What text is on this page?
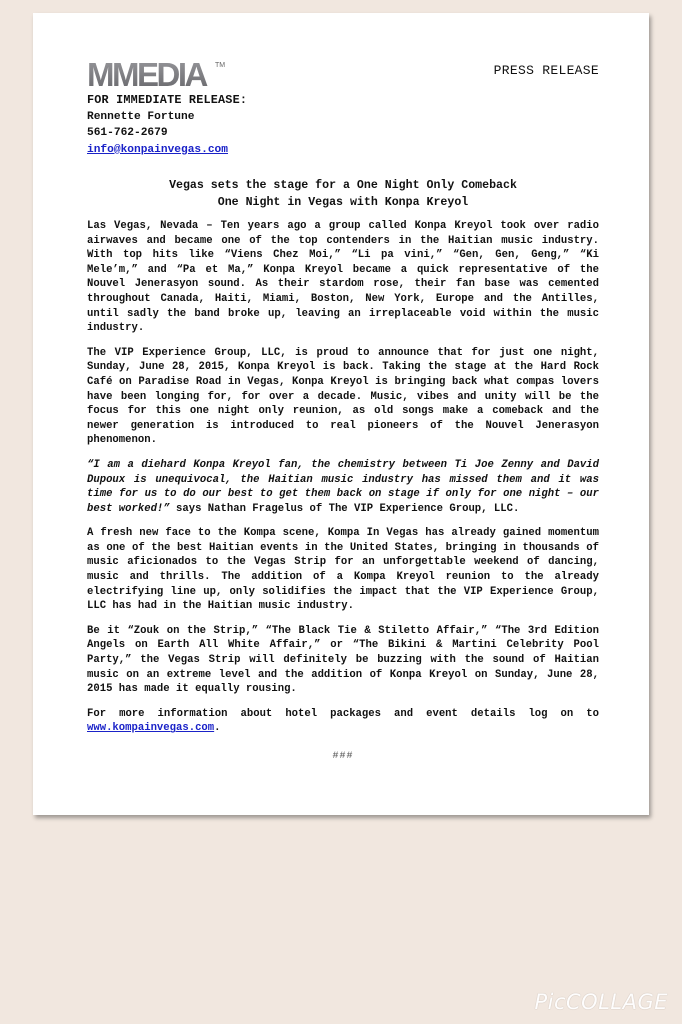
MMEDIA TM	PRESS RELEASE
FOR IMMEDIATE RELEASE:
Rennette Fortune
561-762-2679
info@konpainvegas.com
Vegas sets the stage for a One Night Only Comeback
One Night in Vegas with Konpa Kreyol

Las Vegas, Nevada – Ten years ago a group called Konpa Kreyol took over radio airwaves and became one of the top contenders in the Haitian music industry. With top hits like “Viens Chez Moi,” “Li pa vini,” “Gen, Gen, Geng,” “Ki Mele’m,” and “Pa et Ma,” Konpa Kreyol became a quick representative of the Nouvel Jenerasyon sound. As their stardom rose, their fan base was cemented throughout Canada, Haiti, Miami, Boston, New York, Europe and the Antilles, until sadly the band broke up, leaving an irreplaceable void within the music industry.

The VIP Experience Group, LLC, is proud to announce that for just one night, Sunday, June 28, 2015, Konpa Kreyol is back. Taking the stage at the Hard Rock Café on Paradise Road in Vegas, Konpa Kreyol is bringing back what compas lovers have been longing for, for over a decade. Music, vibes and unity will be the focus for this one night only reunion, as old songs make a comeback and the newer generation is introduced to real pioneers of the Nouvel Jenerasyon phenomenon.

“I am a diehard Konpa Kreyol fan, the chemistry between Ti Joe Zenny and David Dupoux is unequivocal, the Haitian music industry has missed them and it was time for us to do our best to get them back on stage if only for one night – our best worked!” says Nathan Fragelus of The VIP Experience Group, LLC.

A fresh new face to the Kompa scene, Kompa In Vegas has already gained momentum as one of the best Haitian events in the United States, bringing in thousands of music aficionados to the Vegas Strip for an unforgettable weekend of dancing, music and thrills. The addition of a Kompa Kreyol reunion to the already electrifying line up, only solidifies the impact that the VIP Experience Group, LLC has had in the Haitian music industry.

Be it “Zouk on the Strip,” “The Black Tie & Stiletto Affair,” “The 3rd Edition Angels on Earth All White Affair,” or “The Bikini & Martini Celebrity Pool Party,” the Vegas Strip will definitely be buzzing with the sound of Haitian music on an extreme level and the addition of Konpa Kreyol on Sunday, June 28, 2015 has made it equally rousing.

For more information about hotel packages and event details log on to www.kompainvegas.com.

###
PicCOLLAGE
